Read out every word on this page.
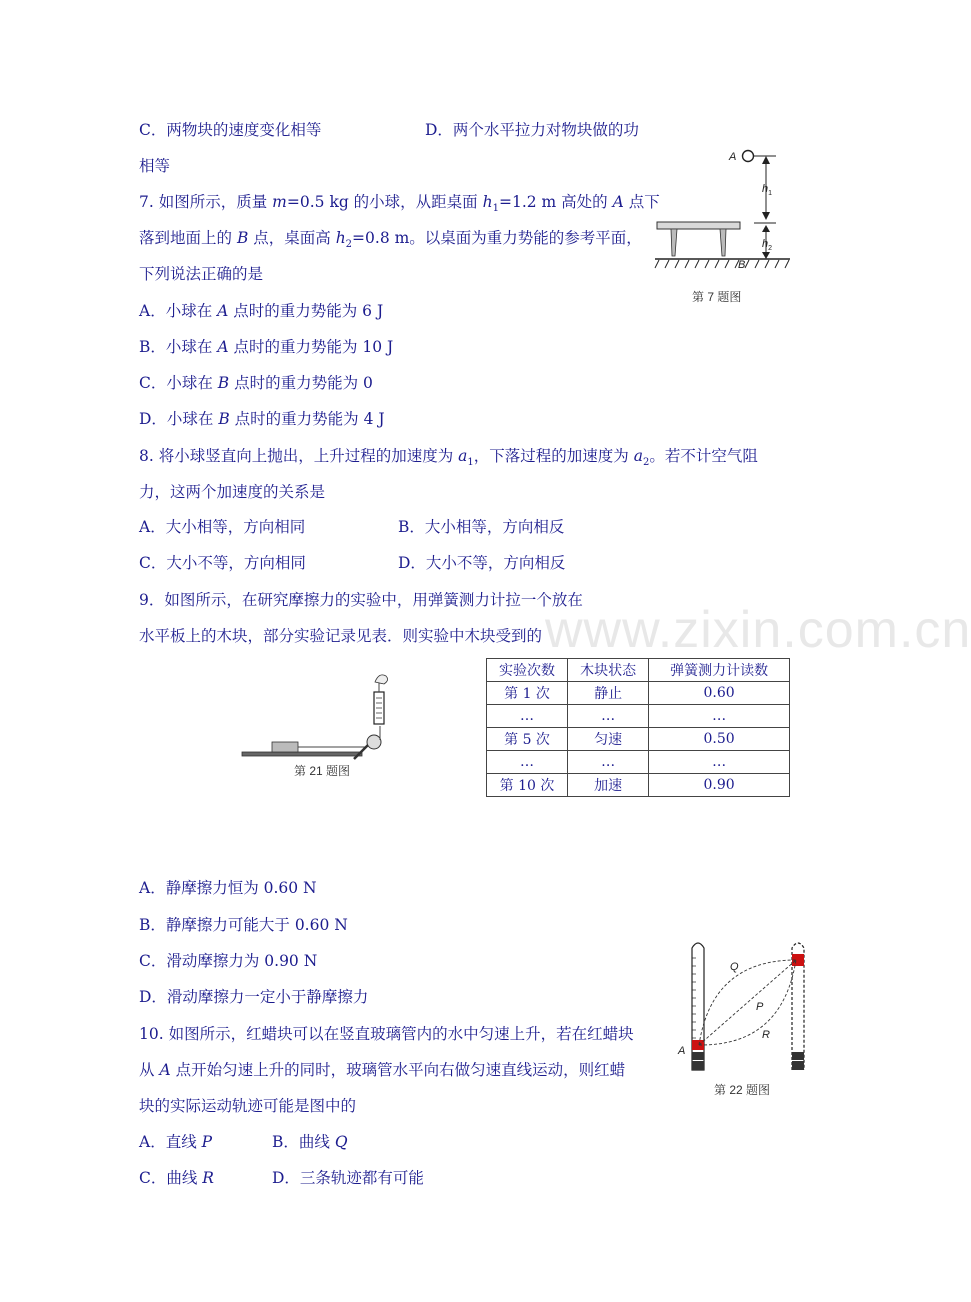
www.zixin.com.cn
C．两物块的速度变化相等	D．两个水平拉力对物块做的功
相等
7. 如图所示，质量 m=0.5 kg 的小球，从距桌面 $h_1=1.2$ m 高处的 A 点下
落到地面上的 B 点，桌面高 $h_2=0.8$ m。以桌面为重力势能的参考平面，
下列说法正确的是
A．小球在 A 点时的重力势能为 6 J
B．小球在 A 点时的重力势能为 10 J
C．小球在 B 点时的重力势能为 0
D．小球在 B 点时的重力势能为 4 J
A
B
$h_1$
$h_2$
第 7 题图
8. 将小球竖直向上抛出，上升过程的加速度为 $a_1$，下落过程的加速度为 $a_2$。若不计空气阻
力，这两个加速度的关系是
A．大小相等，方向相同	B．大小相等，方向相反
C．大小不等，方向相同	D．大小不等，方向相反
9．如图所示，在研究摩擦力的实验中，用弹簧测力计拉一个放在
水平板上的木块，部分实验记录见表．则实验中木块受到的
第 21 题图
实验次数	木块状态	弹簧测力计读数
第 1 次	静止	0.60
…	…	…
第 5 次	匀速	0.50
…	…	…
第 10 次	加速	0.90
A．静摩擦力恒为 0.60 N
B．静摩擦力可能大于 0.60 N
C．滑动摩擦力为 0.90 N
D．滑动摩擦力一定小于静摩擦力
Q
P
R
A
第 22 题图
10. 如图所示，红蜡块可以在竖直玻璃管内的水中匀速上升，若在红蜡块
从 A 点开始匀速上升的同时，玻璃管水平向右做匀速直线运动，则红蜡
块的实际运动轨迹可能是图中的
A．直线 P	B．曲线 Q
C．曲线 R	D．三条轨迹都有可能
